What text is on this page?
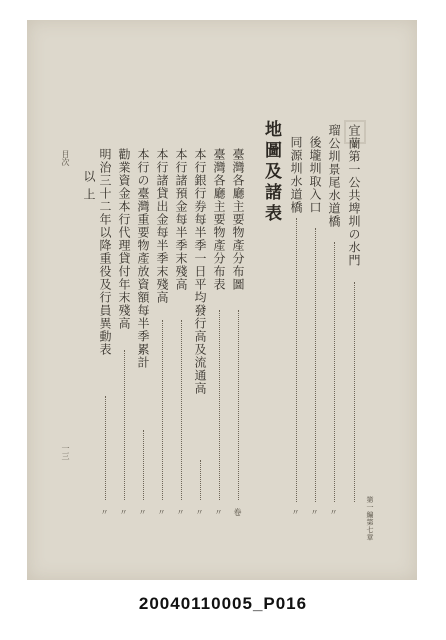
第一編第七章
宜蘭第一公共埤圳の水門
瑠公圳景尾水道橋
〃
後壠圳取入口
〃
地圖及諸表 同源圳水道橋
〃
臺灣各廳主要物產分布圖
卷
臺灣各廳主要物產分布表
〃
本行銀行券每半季一日平均發行高及流通高
〃
本行諸預金每半季末殘高
〃
本行諸貸出金每半季末殘高
〃
本行の臺灣重要物產放資額每半季累計
〃
勸業資金本行代理貸付年末殘高
〃
明治三十二年以降重役及行員異動表
〃
以上
目次
一三
20040110005_P016
